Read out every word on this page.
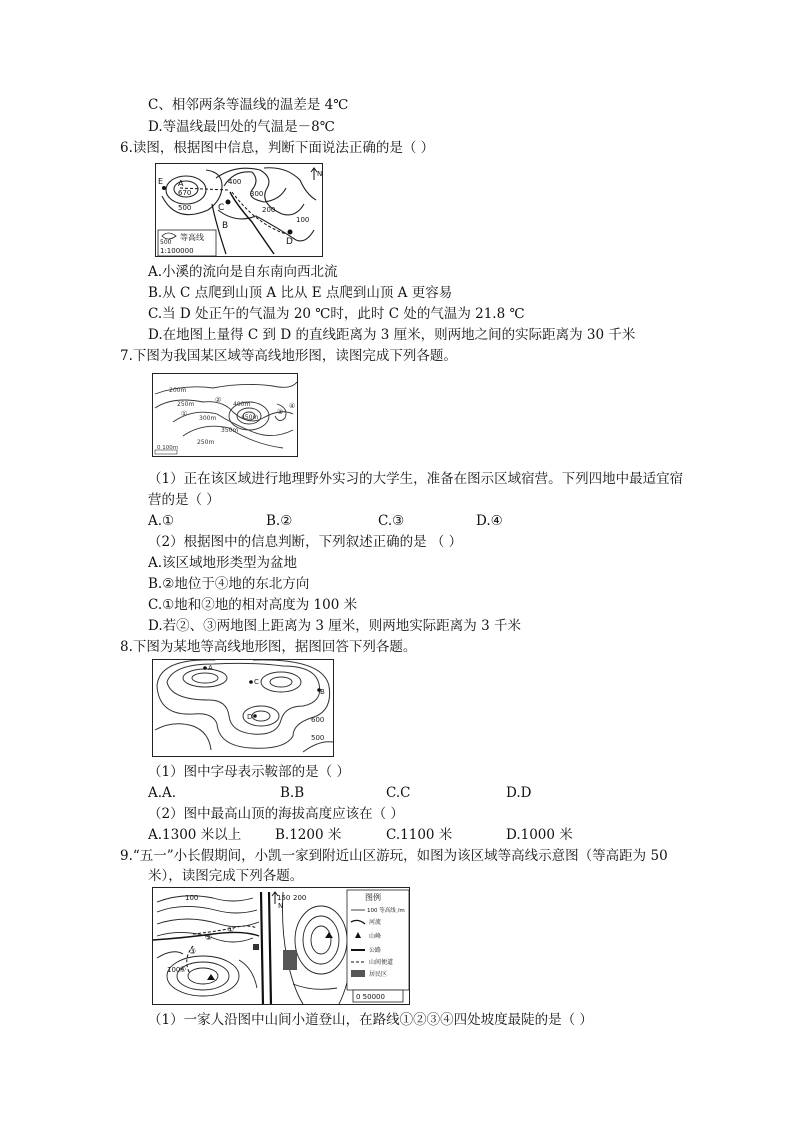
C、相邻两条等温线的温差是 4℃
D.等温线最凹处的气温是－8℃
6.读图，根据图中信息，判断下面说法正确的是（ ）
E A
670
400
300
200
100
500	C
B
D
N
等高线
500
1:100000
A.小溪的流向是自东南向西北流
B.从 C 点爬到山顶 A 比从 E 点爬到山顶 A 更容易
C.当 D 处正午的气温为 20 ℃时，此时 C 处的气温为 21.8 ℃
D.在地图上量得 C 到 D 的直线距离为 3 厘米，则两地之间的实际距离为 30 千米
7.下图为我国某区域等高线地形图，读图完成下列各题。
200m
250m
300m
350m
400m
450m
250m
①
②
③
④
0 100m
（1）正在该区域进行地理野外实习的大学生，准备在图示区域宿营。下列四地中最适宜宿
营的是（ ）
A.①	B.②	C.③	D.④
（2）根据图中的信息判断，下列叙述正确的是 （ ）
A.该区域地形类型为盆地
B.②地位于④地的东北方向
C.①地和②地的相对高度为 100 米
D.若②、③两地图上距离为 3 厘米，则两地实际距离为 3 千米
8.下图为某地等高线地形图，据图回答下列各题。
A
C
B
D	600
500
（1）图中字母表示鞍部的是（ ）
A.A.	B.B	C.C	D.D
（2）图中最高山顶的海拔高度应该在（ ）
A.1300 米以上	B.1200 米	C.1100 米	D.1000 米
9.“五一”小长假期间，小凯一家到附近山区游玩，如图为该区域等高线示意图（等高距为 50
米），读图完成下列各题。
100
100
150 200
N
①
②
③
④
图例
100 等高线 /m
河流
山峰
公路
山间便道
居民区
0 50000
（1）一家人沿图中山间小道登山，在路线①②③④四处坡度最陡的是（ ）
